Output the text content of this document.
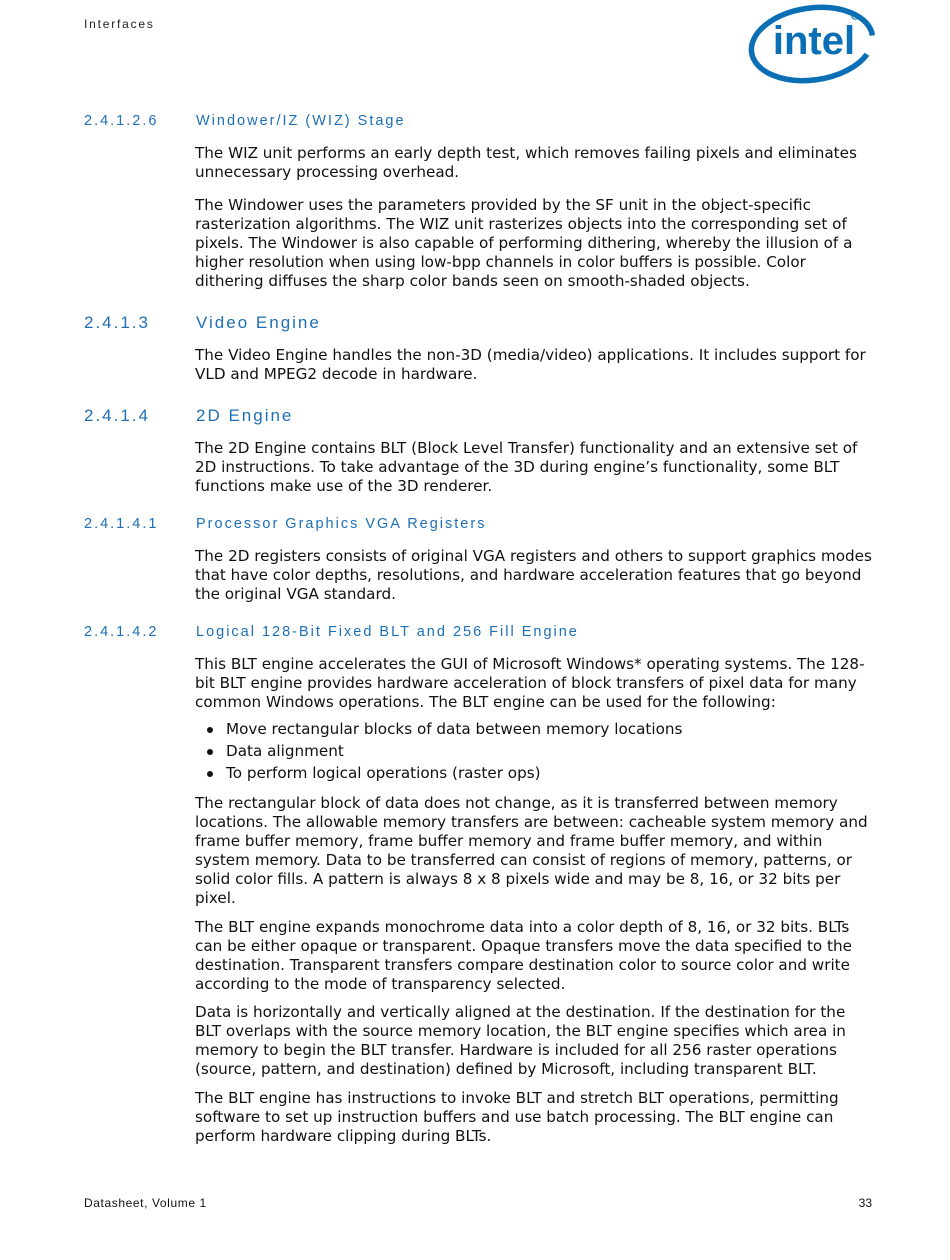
Interfaces	intel
2.4.1.2.6	Windower/IZ (WIZ) Stage

The WIZ unit performs an early depth test, which removes failing pixels and eliminates unnecessary processing overhead.

The Windower uses the parameters provided by the SF unit in the object-specific rasterization algorithms. The WIZ unit rasterizes objects into the corresponding set of pixels. The Windower is also capable of performing dithering, whereby the illusion of a higher resolution when using low-bpp channels in color buffers is possible. Color dithering diffuses the sharp color bands seen on smooth-shaded objects.

2.4.1.3	Video Engine

The Video Engine handles the non-3D (media/video) applications. It includes support for VLD and MPEG2 decode in hardware.

2.4.1.4	2D Engine

The 2D Engine contains BLT (Block Level Transfer) functionality and an extensive set of 2D instructions. To take advantage of the 3D during engine’s functionality, some BLT functions make use of the 3D renderer.

2.4.1.4.1	Processor Graphics VGA Registers

The 2D registers consists of original VGA registers and others to support graphics modes that have color depths, resolutions, and hardware acceleration features that go beyond the original VGA standard.

2.4.1.4.2	Logical 128-Bit Fixed BLT and 256 Fill Engine

This BLT engine accelerates the GUI of Microsoft Windows* operating systems. The 128-bit BLT engine provides hardware acceleration of block transfers of pixel data for many common Windows operations. The BLT engine can be used for the following:

Move rectangular blocks of data between memory locations
Data alignment
To perform logical operations (raster ops)

The rectangular block of data does not change, as it is transferred between memory locations. The allowable memory transfers are between: cacheable system memory and frame buffer memory, frame buffer memory and frame buffer memory, and within system memory. Data to be transferred can consist of regions of memory, patterns, or solid color fills. A pattern is always 8 x 8 pixels wide and may be 8, 16, or 32 bits per pixel.

The BLT engine expands monochrome data into a color depth of 8, 16, or 32 bits. BLTs can be either opaque or transparent. Opaque transfers move the data specified to the destination. Transparent transfers compare destination color to source color and write according to the mode of transparency selected.

Data is horizontally and vertically aligned at the destination. If the destination for the BLT overlaps with the source memory location, the BLT engine specifies which area in memory to begin the BLT transfer. Hardware is included for all 256 raster operations (source, pattern, and destination) defined by Microsoft, including transparent BLT.

The BLT engine has instructions to invoke BLT and stretch BLT operations, permitting software to set up instruction buffers and use batch processing. The BLT engine can perform hardware clipping during BLTs.

Datasheet, Volume 1	33
